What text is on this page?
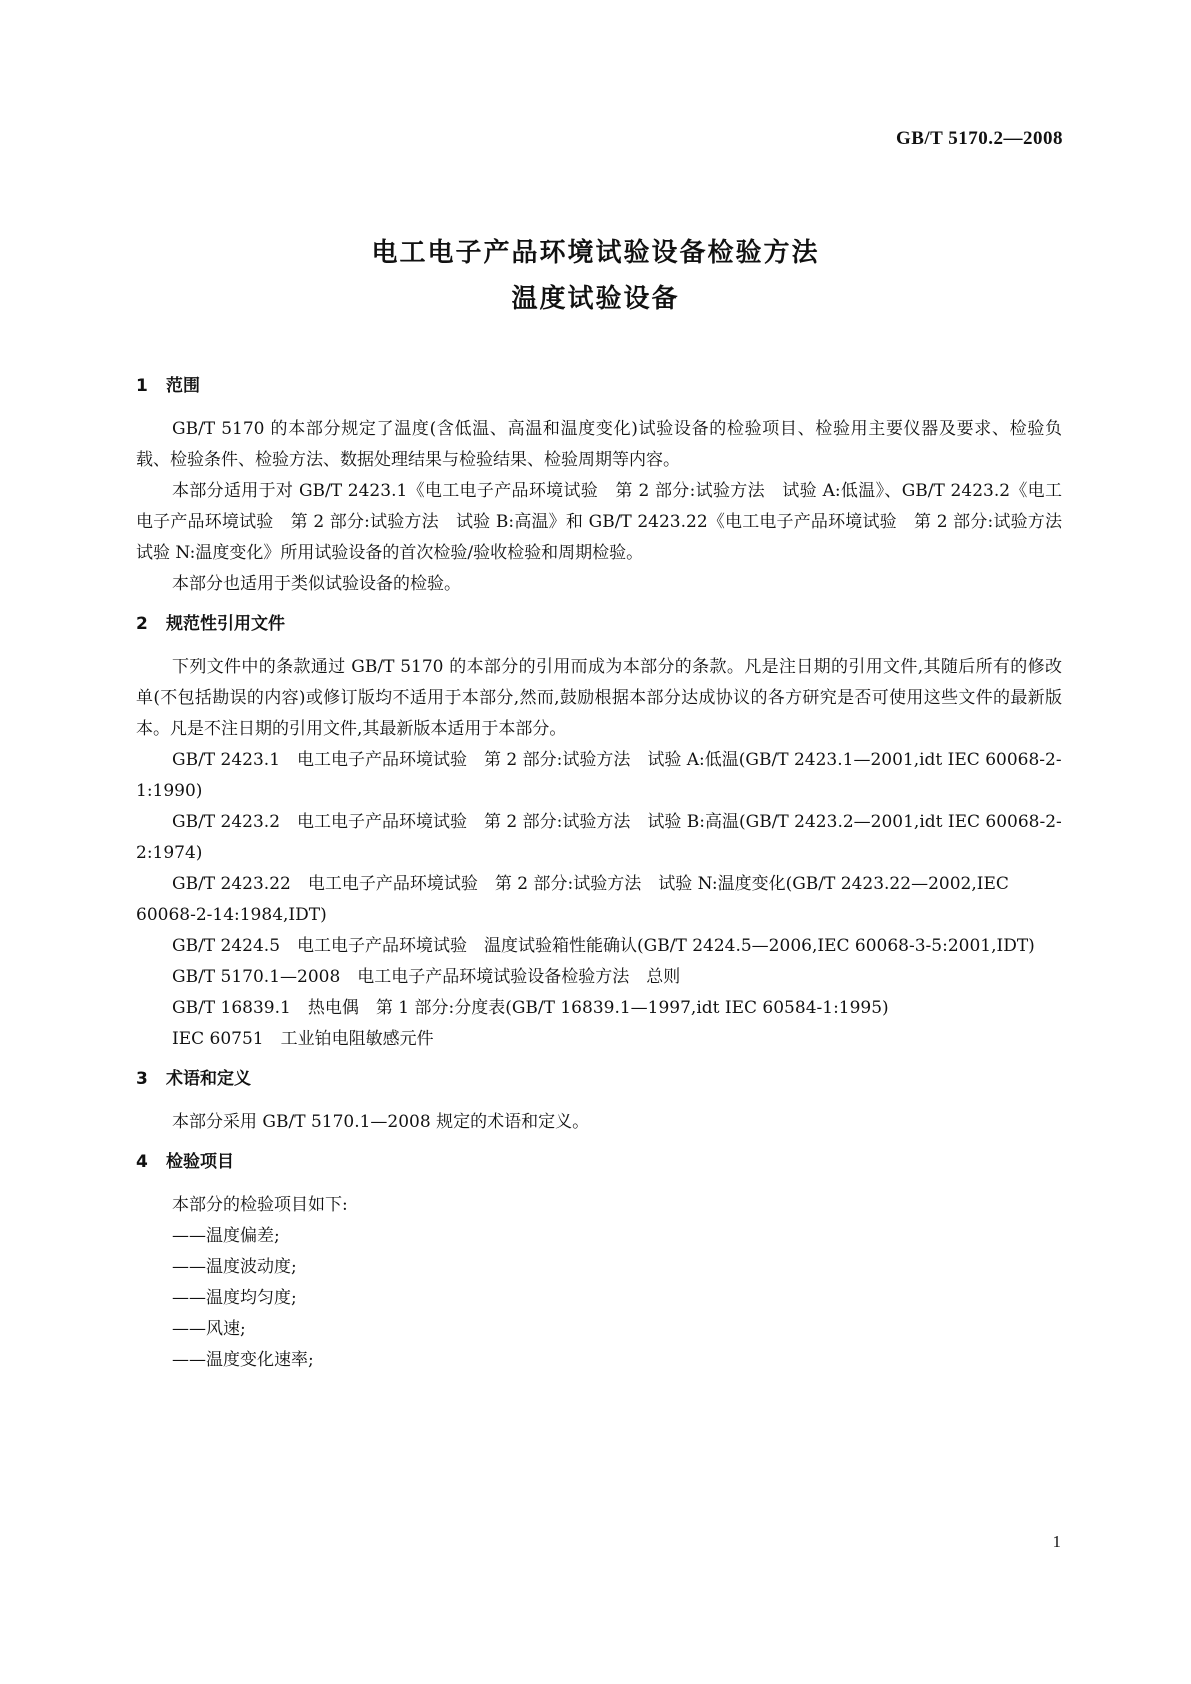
GB/T 5170.2—2008
电工电子产品环境试验设备检验方法
温度试验设备
1 范围

GB/T 5170 的本部分规定了温度(含低温、高温和温度变化)试验设备的检验项目、检验用主要仪器及要求、检验负载、检验条件、检验方法、数据处理结果与检验结果、检验周期等内容。

本部分适用于对 GB/T 2423.1《电工电子产品环境试验　第 2 部分:试验方法　试验 A:低温》、GB/T 2423.2《电工电子产品环境试验　第 2 部分:试验方法　试验 B:高温》和 GB/T 2423.22《电工电子产品环境试验　第 2 部分:试验方法　试验 N:温度变化》所用试验设备的首次检验/验收检验和周期检验。

本部分也适用于类似试验设备的检验。

2 规范性引用文件

下列文件中的条款通过 GB/T 5170 的本部分的引用而成为本部分的条款。凡是注日期的引用文件,其随后所有的修改单(不包括勘误的内容)或修订版均不适用于本部分,然而,鼓励根据本部分达成协议的各方研究是否可使用这些文件的最新版本。凡是不注日期的引用文件,其最新版本适用于本部分。

GB/T 2423.1　电工电子产品环境试验　第 2 部分:试验方法　试验 A:低温(GB/T 2423.1—2001,idt IEC 60068-2-1:1990)

GB/T 2423.2　电工电子产品环境试验　第 2 部分:试验方法　试验 B:高温(GB/T 2423.2—2001,idt IEC 60068-2-2:1974)

GB/T 2423.22　电工电子产品环境试验　第 2 部分:试验方法　试验 N:温度变化(GB/T 2423.22—2002,IEC 60068-2-14:1984,IDT)

GB/T 2424.5　电工电子产品环境试验　温度试验箱性能确认(GB/T 2424.5—2006,IEC 60068-3-5:2001,IDT)

GB/T 5170.1—2008　电工电子产品环境试验设备检验方法　总则

GB/T 16839.1　热电偶　第 1 部分:分度表(GB/T 16839.1—1997,idt IEC 60584-1:1995)

IEC 60751　工业铂电阻敏感元件

3 术语和定义

本部分采用 GB/T 5170.1—2008 规定的术语和定义。

4 检验项目

本部分的检验项目如下:

——温度偏差;

——温度波动度;

——温度均匀度;

——风速;

——温度变化速率;

1
